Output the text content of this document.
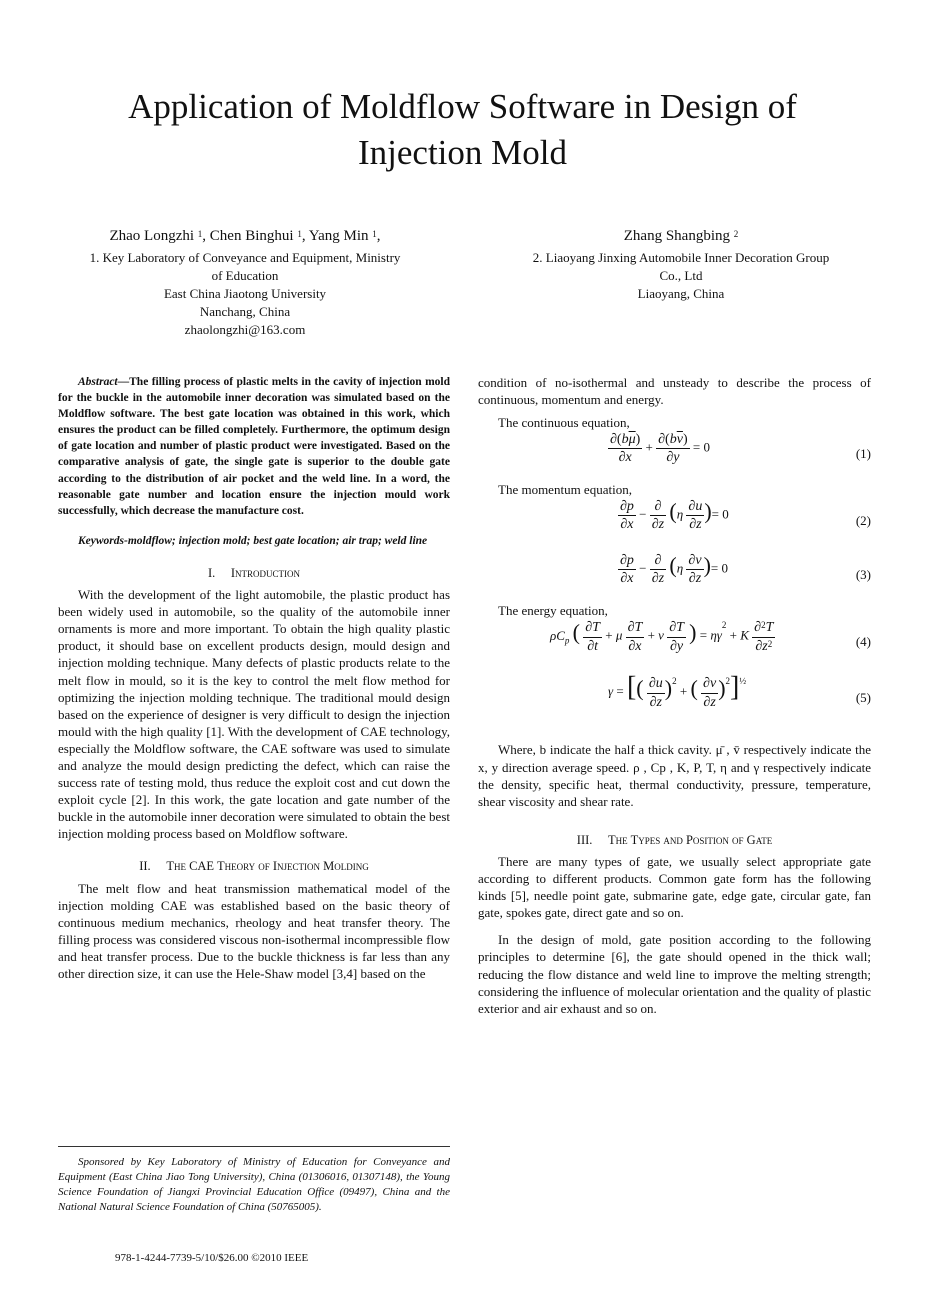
Application of Moldflow Software in Design of
Injection Mold
Zhao Longzhi $^1$, Chen Binghui $^1$, Yang Min $^1$,
1. Key Laboratory of Conveyance and Equipment, Ministry
of Education
East China Jiaotong University
Nanchang, China
zhaolongzhi@163.com
Zhang Shangbing $^2$
2. Liaoyang Jinxing Automobile Inner Decoration Group
Co., Ltd
Liaoyang, China

Abstract—The filling process of plastic melts in the cavity of injection mold for the buckle in the automobile inner decoration was simulated based on the Moldflow software. The best gate location was obtained in this work, which ensures the product can be filled completely. Furthermore, the optimum design of gate location and number of plastic product were investigated. Based on the comparative analysis of gate, the single gate is superior to the double gate according to the distribution of air pocket and the weld line. In a word, the reasonable gate number and location ensure the injection mould work successfully, which decrease the manufacture cost.

Keywords-moldflow; injection mold; best gate location; air trap; weld line

I. Introduction

With the development of the light automobile, the plastic product has been widely used in automobile, so the quality of the automobile inner ornaments is more and more important. To obtain the high quality plastic product, it should base on excellent products design, mould design and injection molding technique. Many defects of plastic products relate to the melt flow in mould, so it is the key to control the melt flow method for optimizing the injection molding technique. The traditional mould design based on the experience of designer is very difficult to design the injection mould with the high quality [1]. With the development of CAE technology, especially the Moldflow software, the CAE software was used to simulate and analyze the mould design predicting the defect, which can raise the success rate of testing mold, thus reduce the exploit cost and cut down the exploit cycle [2]. In this work, the gate location and gate number of the buckle in the automobile inner decoration were simulated to obtain the best injection molding process based on Moldflow software.

II. The CAE Theory of Injection Molding

The melt flow and heat transmission mathematical model of the injection molding CAE was established based on the basic theory of continuous medium mechanics, rheology and heat transfer theory. The filling process was considered viscous non-isothermal incompressible flow and heat transfer process. Due to the buckle thickness is far less than any other direction size, it can use the Hele-Shaw model [3,4] based on the

condition of no-isothermal and unsteady to describe the process of continuous, momentum and energy.

The continuous equation,

$\frac{\partial(b\overline{\mu})}{\partial x} + \frac{\partial(b\overline{v})}{\partial y} = 0$	(1)

The momentum equation,

$\frac{\partial p}{\partial x} - \frac{\partial}{\partial z} (\eta \frac{\partial u}{\partial z}$ )= 0	(2)
$\frac{\partial p}{\partial x} - \frac{\partial}{\partial z} (\eta \frac{\partial v}{\partial z}$ )= 0	(3)

The energy equation,

$\rho C_p$ ( $\frac{\partial T}{\partial t} + \mu \frac{\partial T}{\partial x} + v \frac{\partial T}{\partial y}$ ) = $\eta\gamma^2 + K \frac{\partial^2T}{\partial z^2}$	(4)
γ = [( $\frac{\partial u}{\partial z} )^2$ + ( $\frac{\partial v}{\partial z} )^2]^{\frac{1}{2}}$
(5)

Where, b indicate the half a thick cavity. μ̄ , v̄ respectively indicate the x, y direction average speed. ρ , Cp , K, P, T, η and γ respectively indicate the density, specific heat, thermal conductivity, pressure, temperature, shear viscosity and shear rate.

III. The Types and Position of Gate

There are many types of gate, we usually select appropriate gate according to different products. Common gate form has the following kinds [5], needle point gate, submarine gate, edge gate, circular gate, fan gate, spokes gate, direct gate and so on.

In the design of mold, gate position according to the following principles to determine [6], the gate should opened in the thick wall; reducing the flow distance and weld line to improve the melting strength; considering the influence of molecular orientation and the quality of plastic exterior and air exhaust and so on.

Sponsored by Key Laboratory of Ministry of Education for Conveyance and Equipment (East China Jiao Tong University), China (01306016, 01307148), the Young Science Foundation of Jiangxi Provincial Education Office (09497), China and the National Natural Science Foundation of China (50765005).
978-1-4244-7739-5/10/$26.00 ©2010 IEEE
